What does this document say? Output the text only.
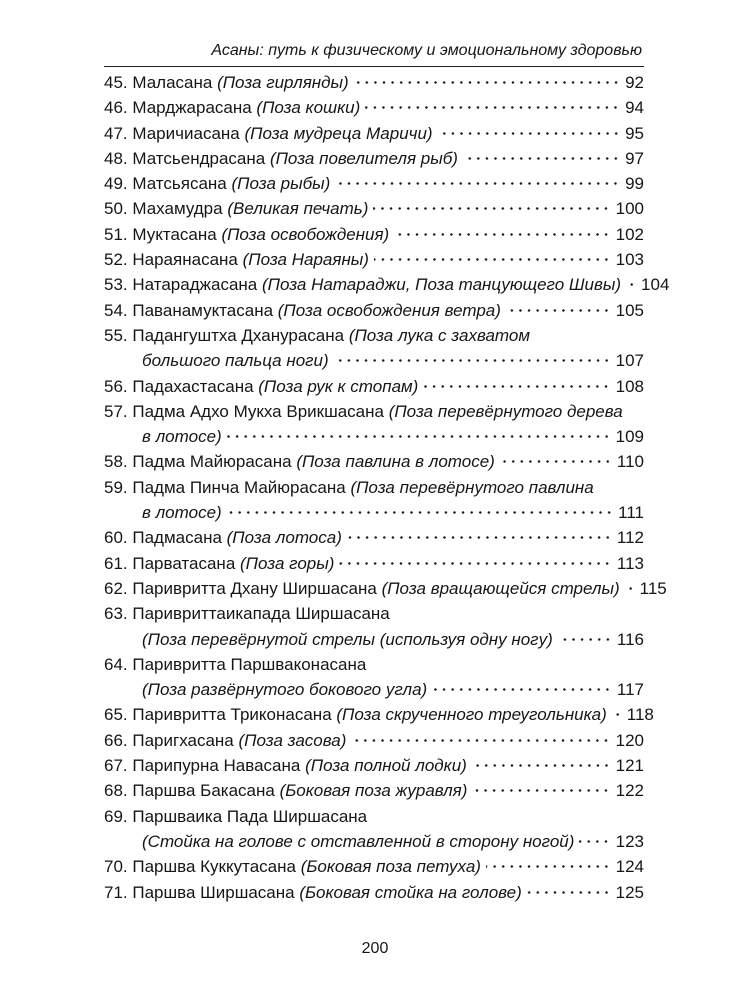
Асаны: путь к физическому и эмоциональному здоровью
45.
Маласана (Поза гирлянды)	92
46.
Марджарасана (Поза кошки)	94
47.
Маричиасана (Поза мудреца Маричи)	95
48.
Матсьендрасана (Поза повелителя рыб)	97
49.
Матсьясана (Поза рыбы)	99
50.
Махамудра (Великая печать)	100
51.
Муктасана (Поза освобождения)	102
52.
Нараянасана (Поза Нараяны)	103
53.
Натараджасана (Поза Натараджи, Поза танцующего Шивы) 104
54.
Паванамуктасана (Поза освобождения ветра)	105
55.
Падангуштха Дханурасана (Поза лука с захватом
большого пальца ноги)	107
56.
Падахастасана (Поза рук к стопам)	108
57.
Падма Адхо Мукха Врикшасана (Поза перевёрнутого дерева
в лотосе)	109
58.
Падма Майюрасана (Поза павлина в лотосе)	110
59.
Падма Пинча Майюрасана (Поза перевёрнутого павлина
в лотосе)	111
60.
Падмасана (Поза лотоса)	112
61.
Парватасана (Поза горы)	113
62.
Паривритта Дхану Ширшасана (Поза вращающейся стрелы) 115
63.
Паривриттаикапада Ширшасана
(Поза перевёрнутой стрелы (используя одну ногу)	116
64.
Паривритта Паршваконасана
(Поза развёрнутого бокового угла)	117
65.
Паривритта Триконасана (Поза скрученного треугольника) 118
66.
Паригхасана (Поза засова)	120
67.
Парипурна Навасана (Поза полной лодки)	121
68.
Паршва Бакасана (Боковая поза журавля)	122
69.
Паршваика Пада Ширшасана
(Стойка на голове с отставленной в сторону ногой) 123
70.
Паршва Куккутасана (Боковая поза петуха)	124
71.
Паршва Ширшасана (Боковая стойка на голове)	125
200
